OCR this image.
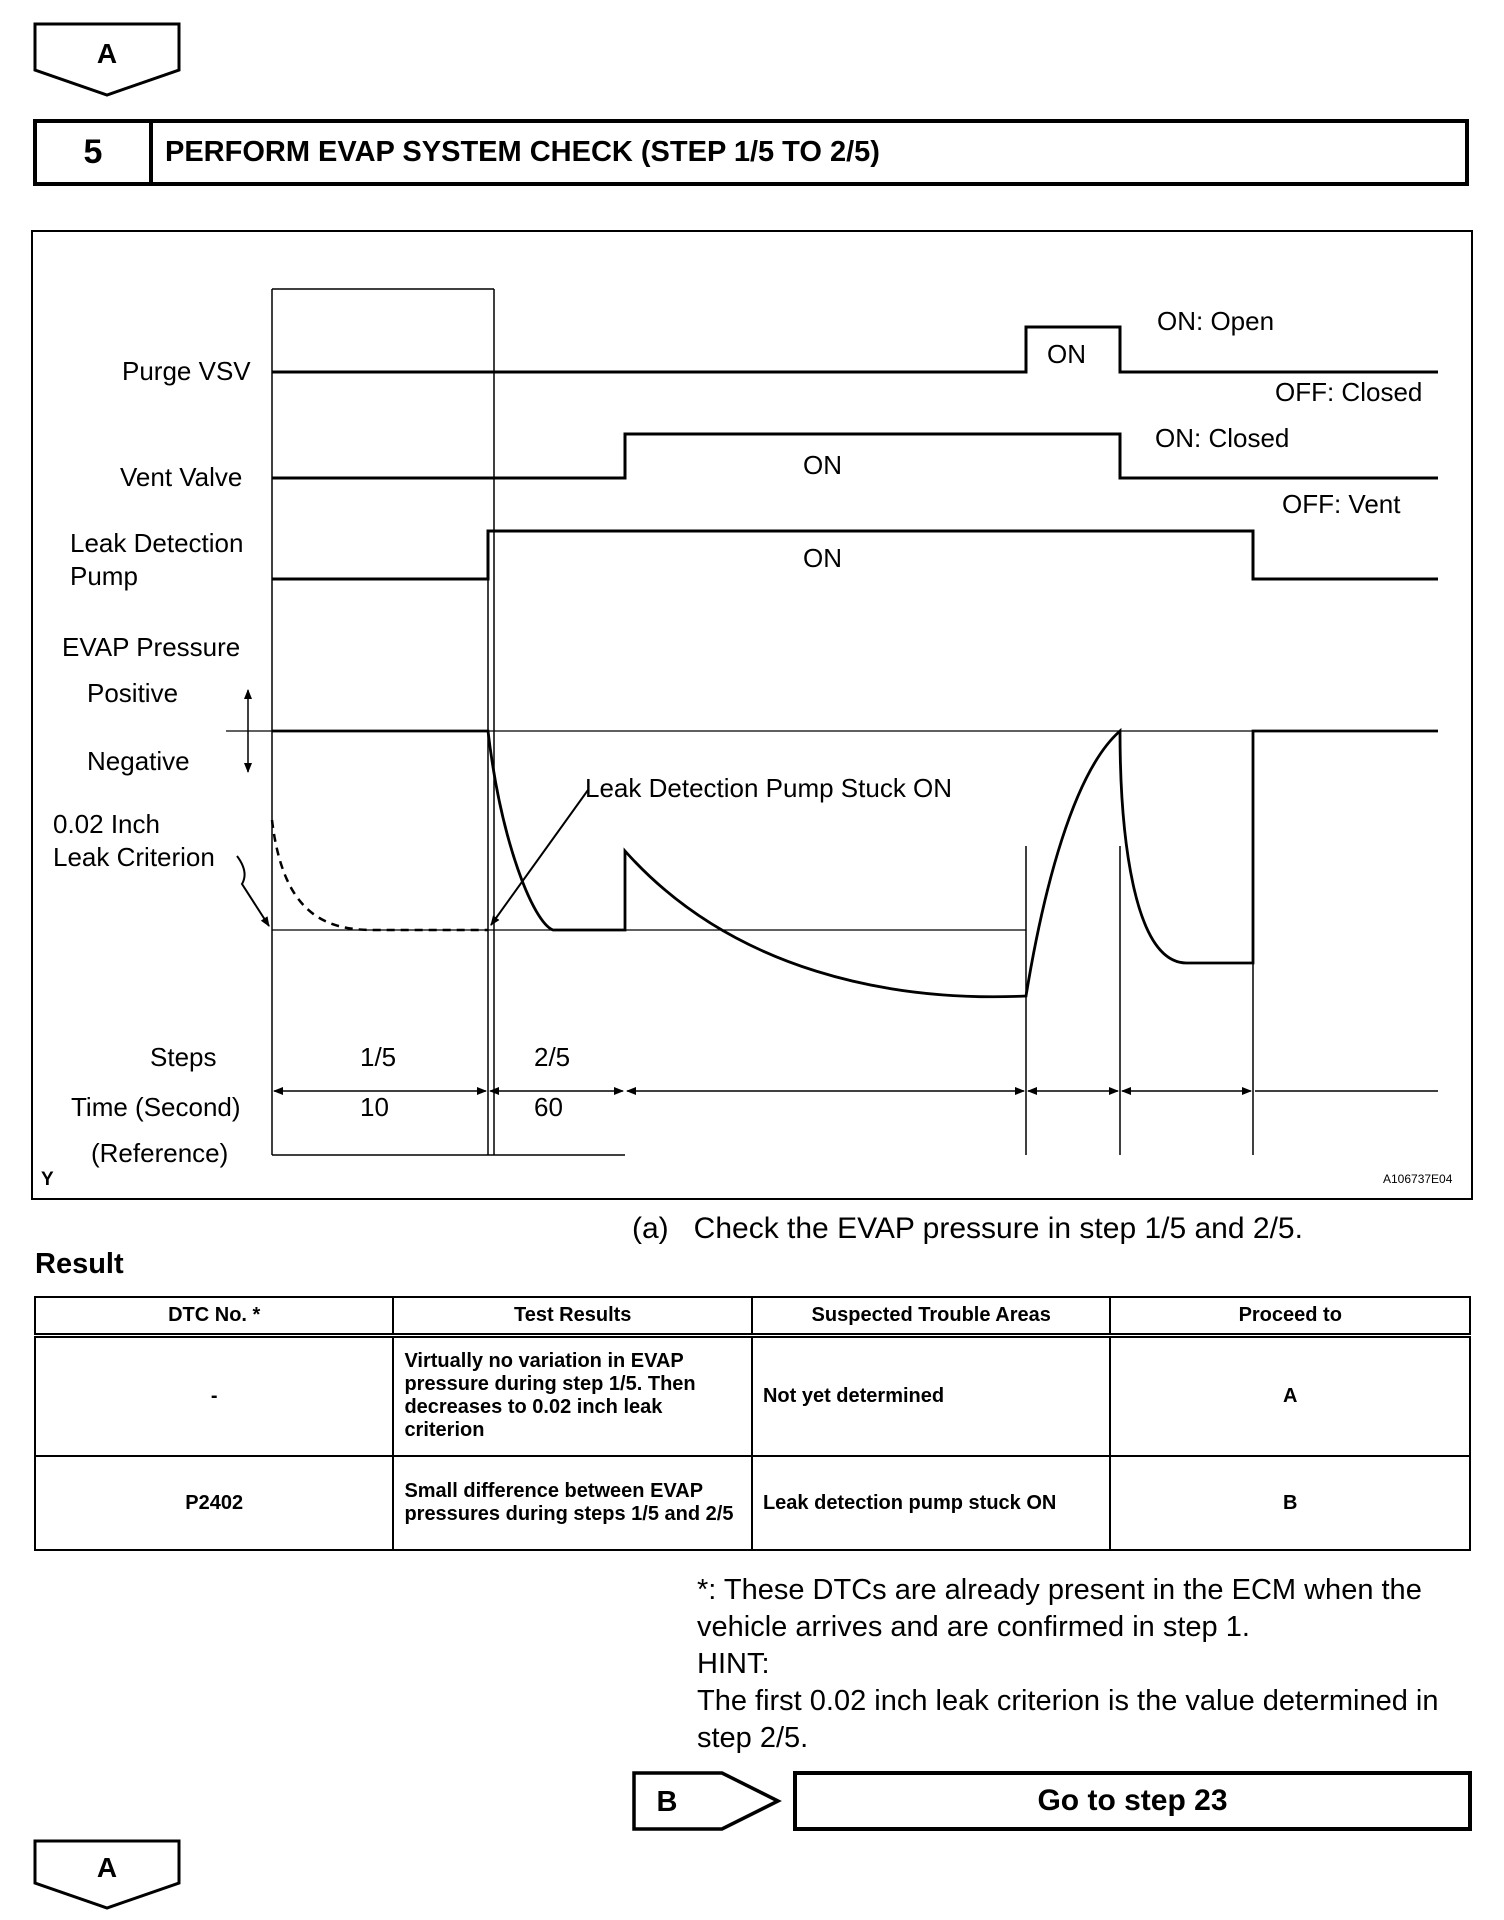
A
5	PERFORM EVAP SYSTEM CHECK (STEP 1/5 TO 2/5)
Purge VSV
Vent Valve
Leak Detection
Pump
EVAP Pressure
Positive
Negative
0.02 Inch
Leak Criterion
Steps
Time (Second)
(Reference)
ON
ON
ON
ON: Open
OFF: Closed
ON: Closed
OFF: Vent
Leak Detection Pump Stuck ON
1/5	2/5
10	60
Y	A106737E04
(a)   Check the EVAP pressure in step 1/5 and 2/5.
Result
DTC No. *	Test Results	Suspected Trouble Areas	Proceed to
-	Virtually no variation in EVAP pressure during step 1/5. Then decreases to 0.02 inch leak criterion	Not yet determined	A
P2402	Small difference between EVAP pressures during steps 1/5 and 2/5	Leak detection pump stuck ON	B
*: These DTCs are already present in the ECM when the vehicle arrives and are confirmed in step 1.
HINT:
The first 0.02 inch leak criterion is the value determined in step 2/5.
B	Go to step 23
A
